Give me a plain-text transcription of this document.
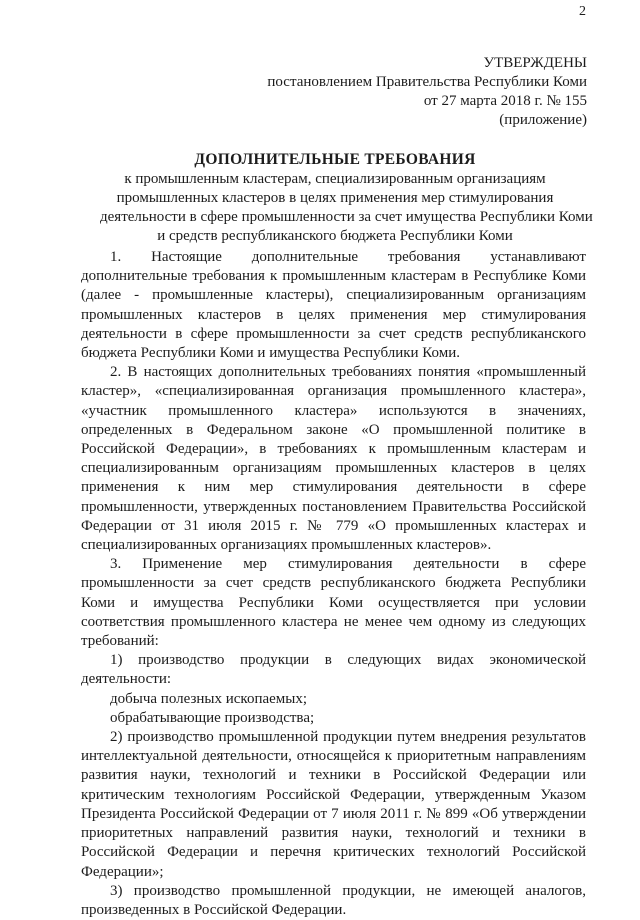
2
УТВЕРЖДЕНЫ
постановлением Правительства Республики Коми
от 27 марта 2018 г. № 155
(приложение)
ДОПОЛНИТЕЛЬНЫЕ ТРЕБОВАНИЯ
к промышленным кластерам, специализированным организациям
промышленных кластеров в целях применения мер стимулирования
деятельности в сфере промышленности за счет имущества Республики Коми
и средств республиканского бюджета Республики Коми

1. Настоящие дополнительные требования устанавливают дополнительные требования к промышленным кластерам в Республике Коми (далее - промышленные кластеры), специализированным организациям промышленных кластеров в целях применения мер стимулирования деятельности в сфере промышленности за счет средств республиканского бюджета Республики Коми и имущества Республики Коми.

2. В настоящих дополнительных требованиях понятия «промышленный кластер», «специализированная организация промышленного кластера», «участник промышленного кластера» используются в значениях, определенных в Федеральном законе «О промышленной политике в Российской Федерации», в требованиях к промышленным кластерам и специализированным организациям промышленных кластеров в целях применения к ним мер стимулирования деятельности в сфере промышленности, утвержденных постановлением Правительства Российской Федерации от 31 июля 2015 г. № 779 «О промышленных кластерах и специализированных организациях промышленных кластеров».

3. Применение мер стимулирования деятельности в сфере промышленности за счет средств республиканского бюджета Республики Коми и имущества Республики Коми осуществляется при условии соответствия промышленного кластера не менее чем одному из следующих требований:

1) производство продукции в следующих видах экономической деятельности:

добыча полезных ископаемых;

обрабатывающие производства;

2) производство промышленной продукции путем внедрения результатов интеллектуальной деятельности, относящейся к приоритетным направлениям развития науки, технологий и техники в Российской Федерации или критическим технологиям Российской Федерации, утвержденным Указом Президента Российской Федерации от 7 июля 2011 г. № 899 «Об утверждении приоритетных направлений развития науки, технологий и техники в Российской Федерации и перечня критических технологий Российской Федерации»;

3) производство промышленной продукции, не имеющей аналогов, произведенных в Российской Федерации.
